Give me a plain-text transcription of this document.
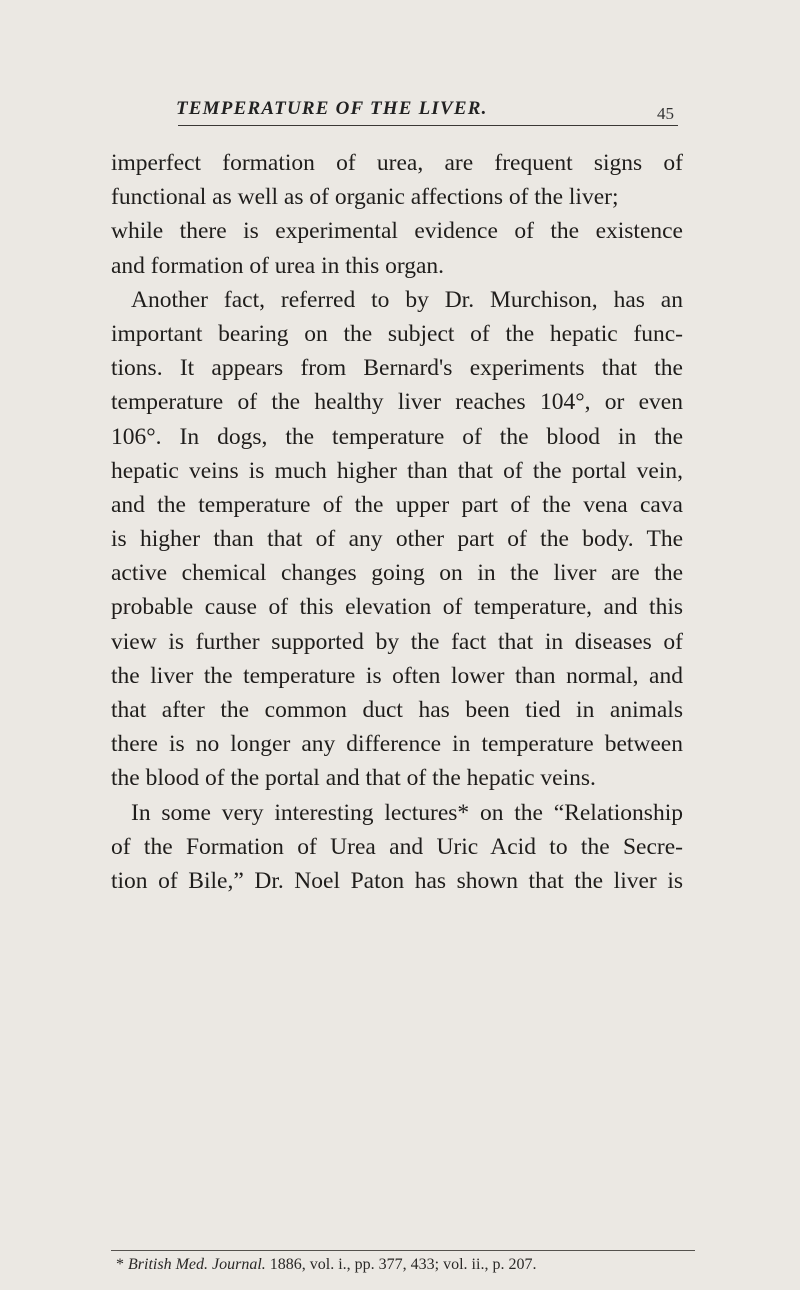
TEMPERATURE OF THE LIVER.	45
imperfect formation of urea, are frequent signs of
functional as well as of organic affections of the liver;
while there is experimental evidence of the existence
and formation of urea in this organ.
Another fact, referred to by Dr. Murchison, has an
important bearing on the subject of the hepatic func-
tions. It appears from Bernard's experiments that the
temperature of the healthy liver reaches 104°, or even
106°. In dogs, the temperature of the blood in the
hepatic veins is much higher than that of the portal vein,
and the temperature of the upper part of the vena cava
is higher than that of any other part of the body. The
active chemical changes going on in the liver are the
probable cause of this elevation of temperature, and this
view is further supported by the fact that in diseases of
the liver the temperature is often lower than normal, and
that after the common duct has been tied in animals
there is no longer any difference in temperature between
the blood of the portal and that of the hepatic veins.
In some very interesting lectures* on the “Relationship
of the Formation of Urea and Uric Acid to the Secre-
tion of Bile,” Dr. Noel Paton has shown that the liver is
* British Med. Journal. 1886, vol. i., pp. 377, 433; vol. ii., p. 207.
